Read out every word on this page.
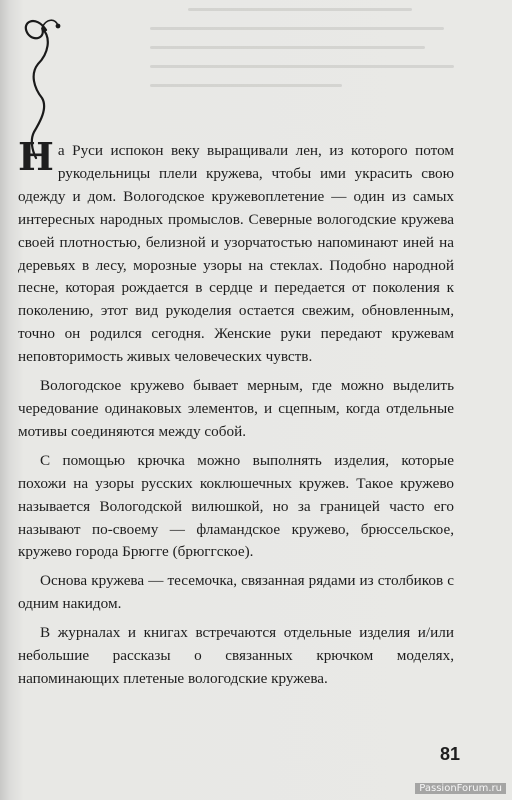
На Руси испокон веку выращивали лен, из которого потом рукодельницы плели кружева, чтобы ими украсить свою одежду и дом. Вологодское кружевоплетение — один из самых интересных народных промыслов. Северные вологодские кружева своей плотностью, белизной и узорчатостью напоминают иней на деревьях в лесу, морозные узоры на стеклах. Подобно народной песне, которая рождается в сердце и передается от поколения к поколению, этот вид рукоделия остается свежим, обновленным, точно он родился сегодня. Женские руки передают кружевам неповторимость живых человеческих чувств.

Вологодское кружево бывает мерным, где можно выделить чередование одинаковых элементов, и сцепным, когда отдельные мотивы соединяются между собой.

С помощью крючка можно выполнять изделия, которые похожи на узоры русских коклюшечных кружев. Такое кружево называется Вологодской вилюшкой, но за границей часто его называют по-своему — фламандское кружево, брюссельское, кружево города Брюгге (брюггское).

Основа кружева — тесемочка, связанная рядами из столбиков с одним накидом.

В журналах и книгах встречаются отдельные изделия и/или небольшие рассказы о связанных крючком моделях, напоминающих плетеные вологодские кружева.

81
PassionForum.ru
